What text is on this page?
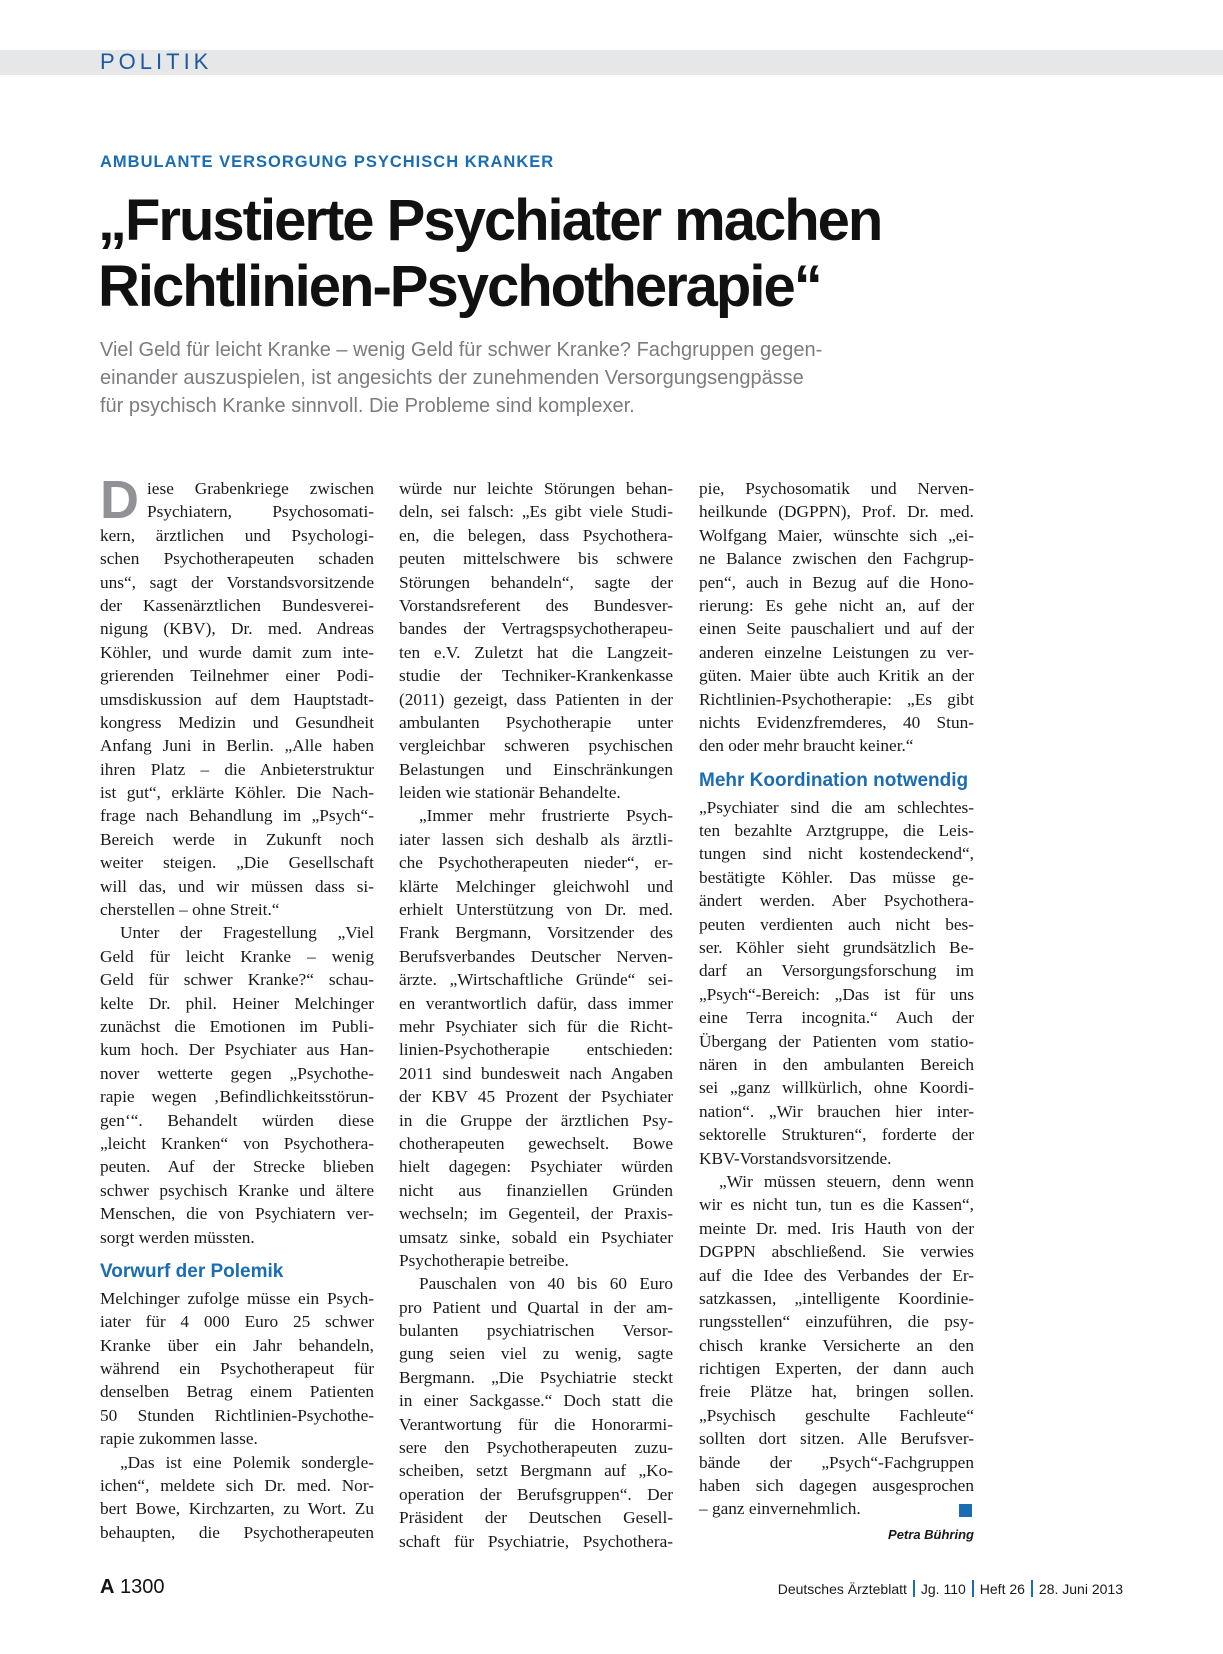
POLITIK
AMBULANTE VERSORGUNG PSYCHISCH KRANKER
„Frustierte Psychiater machen
Richtlinien-Psychotherapie“

Viel Geld für leicht Kranke – wenig Geld für schwer Kranke? Fachgruppen gegen-
einander auszuspielen, ist angesichts der zunehmenden Versorgungsengpässe
für psychisch Kranke sinnvoll. Die Probleme sind komplexer.

D iese Grabenkriege zwischen
Psychiatern, Psychosomati-
kern, ärztlichen und Psychologi-
schen Psychotherapeuten schaden
uns“, sagt der Vorstandsvorsitzende
der Kassenärztlichen Bundesverei-
nigung (KBV), Dr. med. Andreas
Köhler, und wurde damit zum inte-
grierenden Teilnehmer einer Podi-
umsdiskussion auf dem Hauptstadt-
kongress Medizin und Gesundheit
Anfang Juni in Berlin. „Alle haben
ihren Platz – die Anbieterstruktur
ist gut“, erklärte Köhler. Die Nach-
frage nach Behandlung im „Psych“-
Bereich werde in Zukunft noch
weiter steigen. „Die Gesellschaft
will das, und wir müssen dass si-
cherstellen – ohne Streit.“
Unter der Fragestellung „Viel
Geld für leicht Kranke – wenig
Geld für schwer Kranke?“ schau-
kelte Dr. phil. Heiner Melchinger
zunächst die Emotionen im Publi-
kum hoch. Der Psychiater aus Han-
nover wetterte gegen „Psychothe-
rapie wegen ‚Befindlichkeitsstörun-
gen‘“. Behandelt würden diese
„leicht Kranken“ von Psychothera-
peuten. Auf der Strecke blieben
schwer psychisch Kranke und ältere
Menschen, die von Psychiatern ver-
sorgt werden müssten.
Vorwurf der Polemik
Melchinger zufolge müsse ein Psych-
iater für 4 000 Euro 25 schwer
Kranke über ein Jahr behandeln,
während ein Psychotherapeut für
denselben Betrag einem Patienten
50 Stunden Richtlinien-Psychothe-
rapie zukommen lasse.
„Das ist eine Polemik sondergle-
ichen“, meldete sich Dr. med. Nor-
bert Bowe, Kirchzarten, zu Wort. Zu
behaupten, die Psychotherapeuten
würde nur leichte Störungen behan-
deln, sei falsch: „Es gibt viele Studi-
en, die belegen, dass Psychothera-
peuten mittelschwere bis schwere
Störungen behandeln“, sagte der
Vorstandsreferent des Bundesver-
bandes der Vertragspsychotherapeu-
ten e.V. Zuletzt hat die Langzeit-
studie der Techniker-Krankenkasse
(2011) gezeigt, dass Patienten in der
ambulanten Psychotherapie unter
vergleichbar schweren psychischen
Belastungen und Einschränkungen
leiden wie stationär Behandelte.
„Immer mehr frustrierte Psych-
iater lassen sich deshalb als ärztli-
che Psychotherapeuten nieder“, er-
klärte Melchinger gleichwohl und
erhielt Unterstützung von Dr. med.
Frank Bergmann, Vorsitzender des
Berufsverbandes Deutscher Nerven-
ärzte. „Wirtschaftliche Gründe“ sei-
en verantwortlich dafür, dass immer
mehr Psychiater sich für die Richt-
linien-Psychotherapie entschieden:
2011 sind bundesweit nach Angaben
der KBV 45 Prozent der Psychiater
in die Gruppe der ärztlichen Psy-
chotherapeuten gewechselt. Bowe
hielt dagegen: Psychiater würden
nicht aus finanziellen Gründen
wechseln; im Gegenteil, der Praxis-
umsatz sinke, sobald ein Psychiater
Psychotherapie betreibe.
Pauschalen von 40 bis 60 Euro
pro Patient und Quartal in der am-
bulanten psychiatrischen Versor-
gung seien viel zu wenig, sagte
Bergmann. „Die Psychiatrie steckt
in einer Sackgasse.“ Doch statt die
Verantwortung für die Honorarmi-
sere den Psychotherapeuten zuzu-
scheiben, setzt Bergmann auf „Ko-
operation der Berufsgruppen“. Der
Präsident der Deutschen Gesell-
schaft für Psychiatrie, Psychothera-
pie, Psychosomatik und Nerven-
heilkunde (DGPPN), Prof. Dr. med.
Wolfgang Maier, wünschte sich „ei-
ne Balance zwischen den Fachgrup-
pen“, auch in Bezug auf die Hono-
rierung: Es gehe nicht an, auf der
einen Seite pauschaliert und auf der
anderen einzelne Leistungen zu ver-
güten. Maier übte auch Kritik an der
Richtlinien-Psychotherapie: „Es gibt
nichts Evidenzfremderes, 40 Stun-
den oder mehr braucht keiner.“
Mehr Koordination notwendig
„Psychiater sind die am schlechtes-
ten bezahlte Arztgruppe, die Leis-
tungen sind nicht kostendeckend“,
bestätigte Köhler. Das müsse ge-
ändert werden. Aber Psychothera-
peuten verdienten auch nicht bes-
ser. Köhler sieht grundsätzlich Be-
darf an Versorgungsforschung im
„Psych“-Bereich: „Das ist für uns
eine Terra incognita.“ Auch der
Übergang der Patienten vom statio-
nären in den ambulanten Bereich
sei „ganz willkürlich, ohne Koordi-
nation“. „Wir brauchen hier inter-
sektorelle Strukturen“, forderte der
KBV-Vorstandsvorsitzende.
„Wir müssen steuern, denn wenn
wir es nicht tun, tun es die Kassen“,
meinte Dr. med. Iris Hauth von der
DGPPN abschließend. Sie verwies
auf die Idee des Verbandes der Er-
satzkassen, „intelligente Koordinie-
rungsstellen“ einzuführen, die psy-
chisch kranke Versicherte an den
richtigen Experten, der dann auch
freie Plätze hat, bringen sollen.
„Psychisch geschulte Fachleute“
sollten dort sitzen. Alle Berufsver-
bände der „Psych“-Fachgruppen
haben sich dagegen ausgesprochen
– ganz einvernehmlich.
Petra Bühring
A 1300	Deutsches Ärzteblatt Jg. 110 Heft 26 28. Juni 2013
